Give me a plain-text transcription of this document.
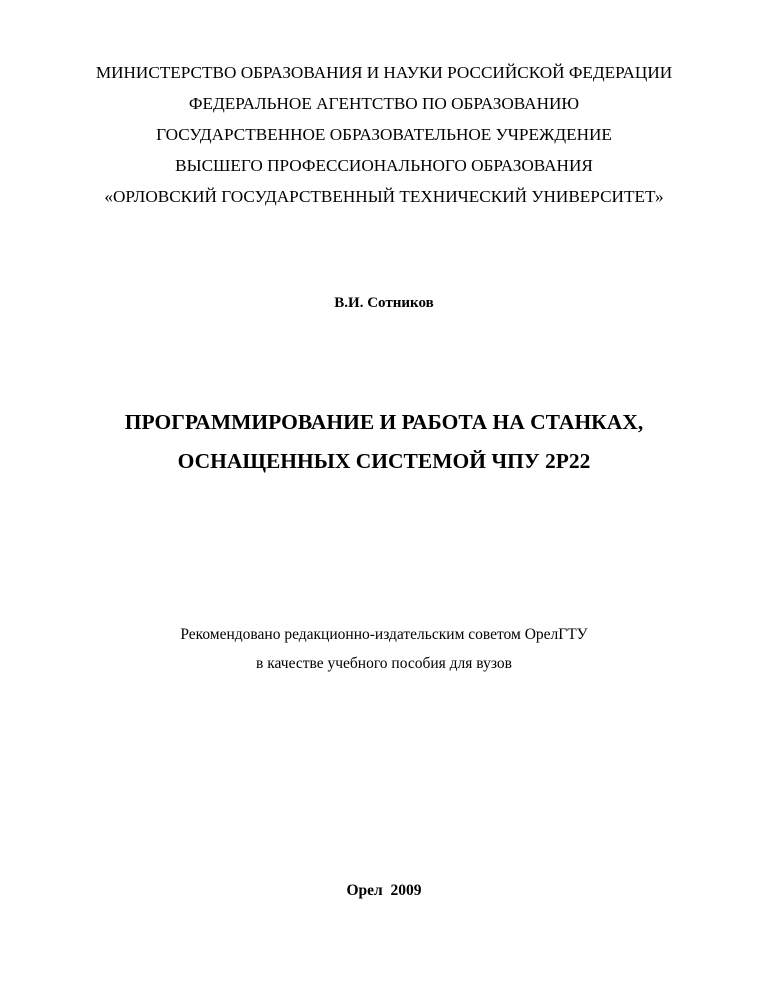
МИНИСТЕРСТВО ОБРАЗОВАНИЯ И НАУКИ РОССИЙСКОЙ ФЕДЕРАЦИИ
ФЕДЕРАЛЬНОЕ АГЕНТСТВО ПО ОБРАЗОВАНИЮ
ГОСУДАРСТВЕННОЕ ОБРАЗОВАТЕЛЬНОЕ УЧРЕЖДЕНИЕ
ВЫСШЕГО ПРОФЕССИОНАЛЬНОГО ОБРАЗОВАНИЯ
«ОРЛОВСКИЙ ГОСУДАРСТВЕННЫЙ ТЕХНИЧЕСКИЙ УНИВЕРСИТЕТ»
В.И. Сотников
ПРОГРАММИРОВАНИЕ И РАБОТА НА СТАНКАХ,
ОСНАЩЕННЫХ СИСТЕМОЙ ЧПУ 2Р22
Рекомендовано редакционно-издательским советом ОрелГТУ
в качестве учебного пособия для вузов
Орел  2009
